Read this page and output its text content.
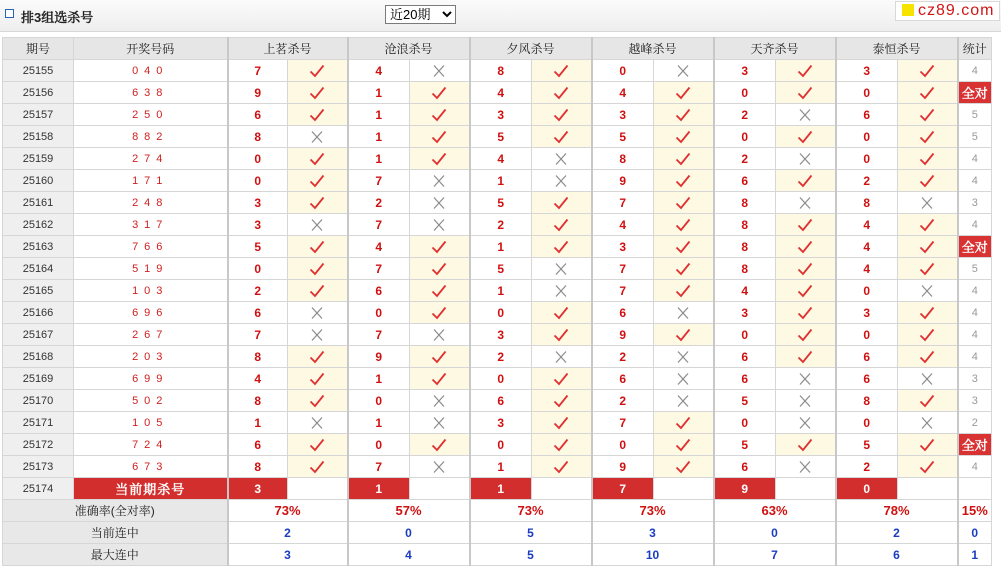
排3组选杀号	近20期	cz89.com
期号	开奖号码	上茗杀号		沧浪杀号		夕风杀号		越峰杀号		天齐杀号		泰恒杀号		统计
25155	040	7		4		8		0		3		3		4
25156	638	9		1		4		4		0		0		全对
25157	250	6		1		3		3		2		6		5
25158	882	8		1		5		5		0		0		5
25159	274	0		1		4		8		2		0		4
25160	171	0		7		1		9		6		2		4
25161	248	3		2		5		7		8		8		3
25162	317	3		7		2		4		8		4		4
25163	766	5		4		1		3		8		4		全对
25164	519	0		7		5		7		8		4		5
25165	103	2		6		1		7		4		0		4
25166	696	6		0		0		6		3		3		4
25167	267	7		7		3		9		0		0		4
25168	203	8		9		2		2		6		6		4
25169	699	4		1		0		6		6		6		3
25170	502	8		0		6		2		5		8		3
25171	105	1		1		3		7		0		0		2
25172	724	6		0		0		0		5		5		全对
25173	673	8		7		1		9		6		2		4
25174	当前期杀号	3		1		1		7		9		0		
准确率(全对率)		73%		57%		73%		73%		63%		78%		15%
当前连中		2		0		5		3		0		2		0
最大连中		3		4		5		10		7		6		1
